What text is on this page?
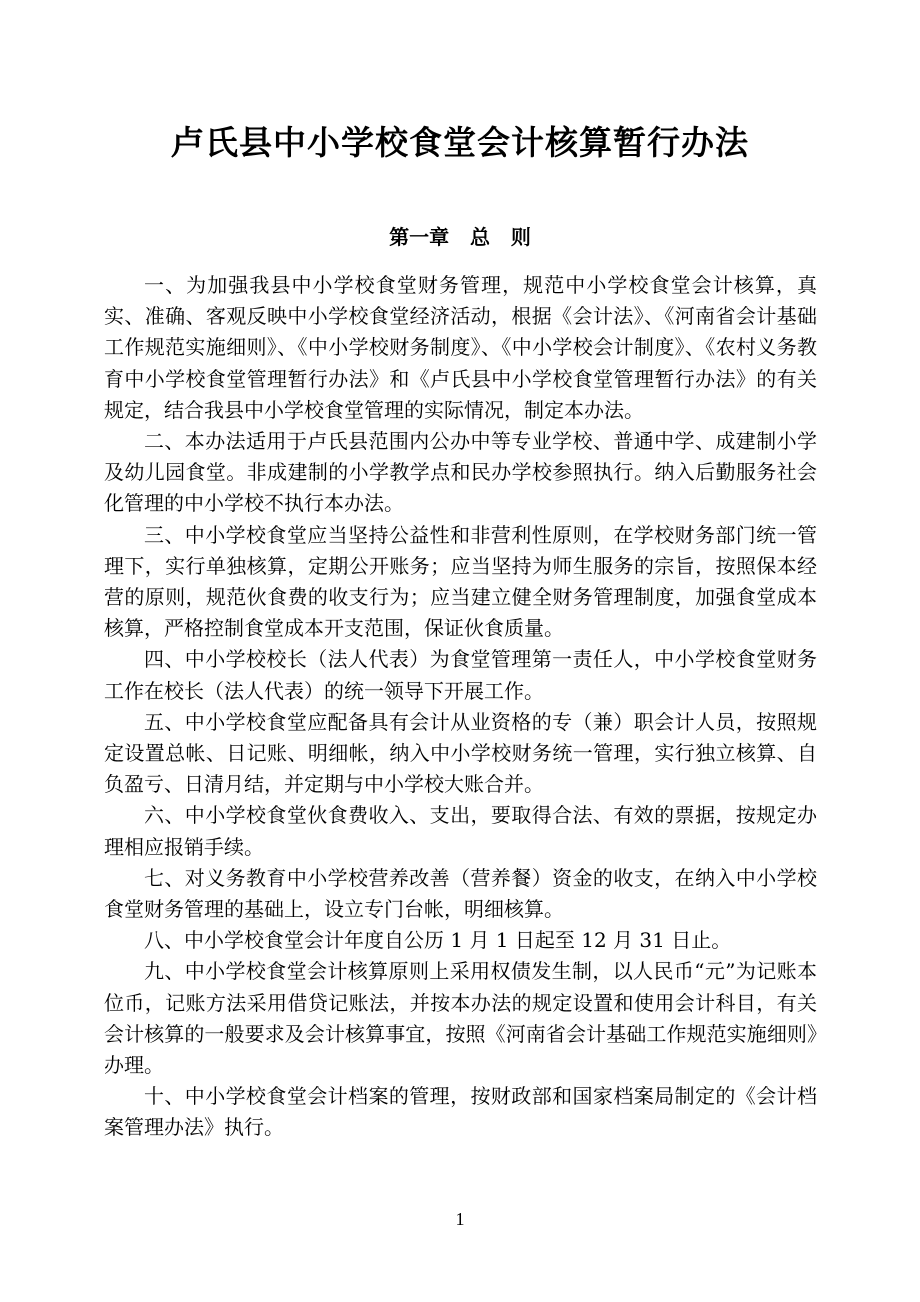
卢氏县中小学校食堂会计核算暂行办法
第一章   总   则

一、为加强我县中小学校食堂财务管理，规范中小学校食堂会计核算，真实、准确、客观反映中小学校食堂经济活动，根据《会计法》、《河南省会计基础工作规范实施细则》、《中小学校财务制度》、《中小学校会计制度》、《农村义务教育中小学校食堂管理暂行办法》和《卢氏县中小学校食堂管理暂行办法》的有关规定，结合我县中小学校食堂管理的实际情况，制定本办法。

二、本办法适用于卢氏县范围内公办中等专业学校、普通中学、成建制小学及幼儿园食堂。非成建制的小学教学点和民办学校参照执行。纳入后勤服务社会化管理的中小学校不执行本办法。

三、中小学校食堂应当坚持公益性和非营利性原则，在学校财务部门统一管理下，实行单独核算，定期公开账务；应当坚持为师生服务的宗旨，按照保本经营的原则，规范伙食费的收支行为；应当建立健全财务管理制度，加强食堂成本核算，严格控制食堂成本开支范围，保证伙食质量。

四、中小学校校长（法人代表）为食堂管理第一责任人，中小学校食堂财务工作在校长（法人代表）的统一领导下开展工作。

五、中小学校食堂应配备具有会计从业资格的专（兼）职会计人员，按照规定设置总帐、日记账、明细帐，纳入中小学校财务统一管理，实行独立核算、自负盈亏、日清月结，并定期与中小学校大账合并。

六、中小学校食堂伙食费收入、支出，要取得合法、有效的票据，按规定办理相应报销手续。

七、对义务教育中小学校营养改善（营养餐）资金的收支，在纳入中小学校食堂财务管理的基础上，设立专门台帐，明细核算。

八、中小学校食堂会计年度自公历 1 月 1 日起至 12 月 31 日止。

九、中小学校食堂会计核算原则上采用权债发生制，以人民币“元”为记账本位币，记账方法采用借贷记账法，并按本办法的规定设置和使用会计科目，有关会计核算的一般要求及会计核算事宜，按照《河南省会计基础工作规范实施细则》办理。

十、中小学校食堂会计档案的管理，按财政部和国家档案局制定的《会计档案管理办法》执行。

1
